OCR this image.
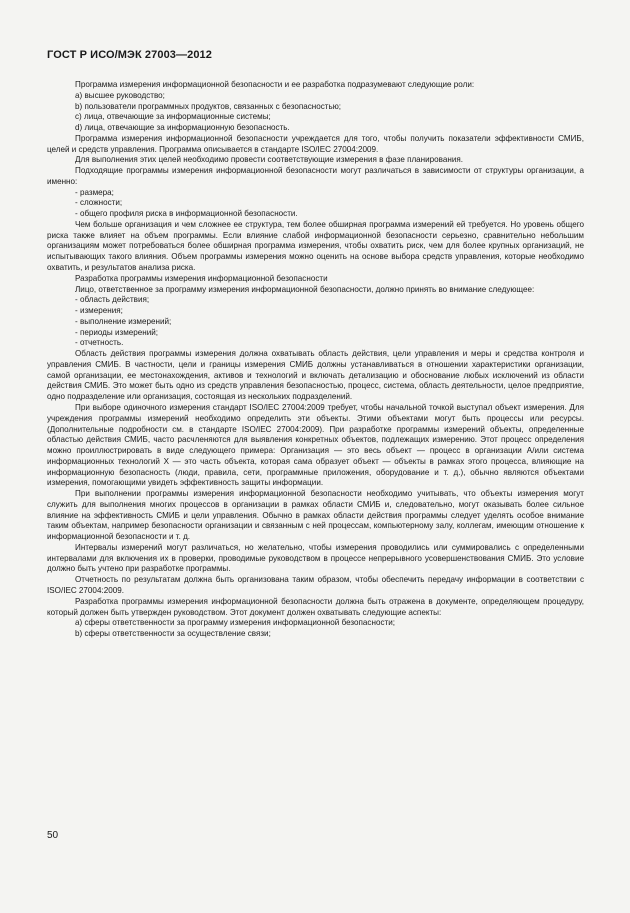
ГОСТ Р ИСО/МЭК 27003—2012

Программа измерения информационной безопасности и ее разработка подразумевают следующие роли:

a) высшее руководство;

b) пользователи программных продуктов, связанных с безопасностью;

c) лица, отвечающие за информационные системы;

d) лица, отвечающие за информационную безопасность.

Программа измерения информационной безопасности учреждается для того, чтобы получить показатели эффективности СМИБ, целей и средств управления. Программа описывается в стандарте ISO/IEC 27004:2009.

Для выполнения этих целей необходимо провести соответствующие измерения в фазе планирования.

Подходящие программы измерения информационной безопасности могут различаться в зависимости от структуры организации, а именно:

- размера;

- сложности;

- общего профиля риска в информационной безопасности.

Чем больше организация и чем сложнее ее структура, тем более обширная программа измерений ей требуется. Но уровень общего риска также влияет на объем программы. Если влияние слабой информационной безопасности серьезно, сравнительно небольшим организациям может потребоваться более обширная программа измерения, чтобы охватить риск, чем для более крупных организаций, не испытывающих такого влияния. Объем программы измерения можно оценить на основе выбора средств управления, которые необходимо охватить, и результатов анализа риска.

Разработка программы измерения информационной безопасности

Лицо, ответственное за программу измерения информационной безопасности, должно принять во внимание следующее:

- область действия;

- измерения;

- выполнение измерений;

- периоды измерений;

- отчетность.

Область действия программы измерения должна охватывать область действия, цели управления и меры и средства контроля и управления СМИБ. В частности, цели и границы измерения СМИБ должны устанавливаться в отношении характеристики организации, самой организации, ее местонахождения, активов и технологий и включать детализацию и обоснование любых исключений из области действия СМИБ. Это может быть одно из средств управления безопасностью, процесс, система, область деятельности, целое предприятие, одно подразделение или организация, состоящая из нескольких подразделений.

При выборе одиночного измерения стандарт ISO/IEC 27004:2009 требует, чтобы начальной точкой выступал объект измерения. Для учреждения программы измерений необходимо определить эти объекты. Этими объектами могут быть процессы или ресурсы. (Дополнительные подробности см. в стандарте ISO/IEC 27004:2009). При разработке программы измерений объекты, определенные областью действия СМИБ, часто расчленяются для выявления конкретных объектов, подлежащих измерению. Этот процесс определения можно проиллюстрировать в виде следующего примера: Организация — это весь объект — процесс в организации А/или система информационных технологий X — это часть объекта, которая сама образует объект — объекты в рамках этого процесса, влияющие на информационную безопасность (люди, правила, сети, программные приложения, оборудование и т. д.), обычно являются объектами измерения, помогающими увидеть эффективность защиты информации.

При выполнении программы измерения информационной безопасности необходимо учитывать, что объекты измерения могут служить для выполнения многих процессов в организации в рамках области СМИБ и, следовательно, могут оказывать более сильное влияние на эффективность СМИБ и цели управления. Обычно в рамках области действия программы следует уделять особое внимание таким объектам, например безопасности организации и связанным с ней процессам, компьютерному залу, коллегам, имеющим отношение к информационной безопасности и т. д.

Интервалы измерений могут различаться, но желательно, чтобы измерения проводились или суммировались с определенными интервалами для включения их в проверки, проводимые руководством в процессе непрерывного усовершенствования СМИБ. Это условие должно быть учтено при разработке программы.

Отчетность по результатам должна быть организована таким образом, чтобы обеспечить передачу информации в соответствии с ISO/IEC 27004:2009.

Разработка программы измерения информационной безопасности должна быть отражена в документе, определяющем процедуру, который должен быть утвержден руководством. Этот документ должен охватывать следующие аспекты:

а) сферы ответственности за программу измерения информационной безопасности;

b) сферы ответственности за осуществление связи;

50
